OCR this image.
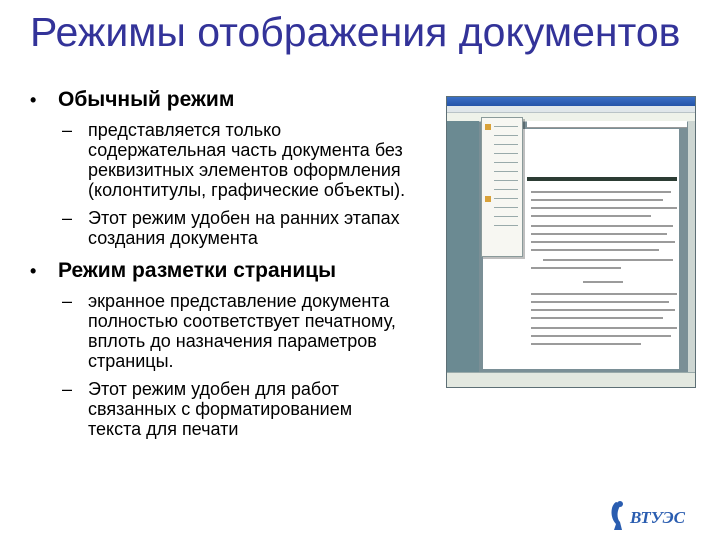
Режимы отображения документов
•	Обычный режим
– представляется только содержательная часть документа без реквизитных элементов оформления (колонтитулы, графические объекты).
– Этот режим удобен на ранних этапах создания документа
•	Режим разметки страницы
– экранное представление документа полностью соответствует печатному, вплоть до назначения параметров страницы.
– Этот режим удобен для работ связанных с форматированием текста для печати
ВТУЭС
